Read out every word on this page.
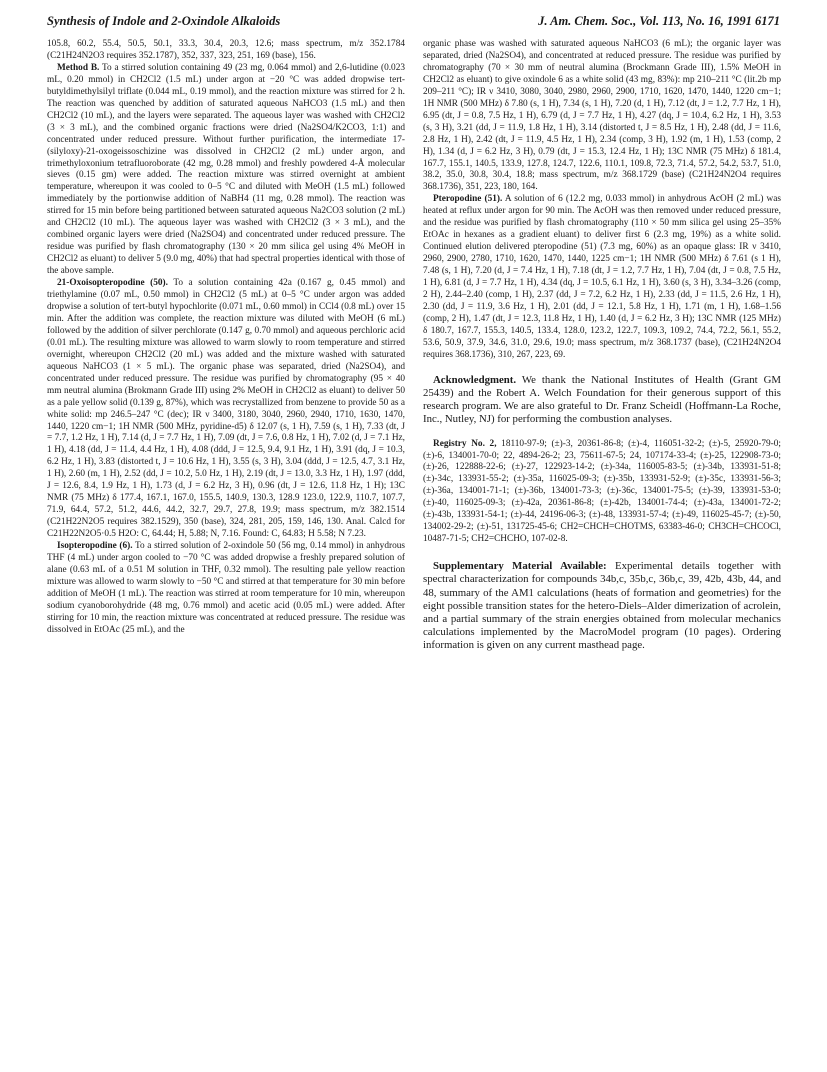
Synthesis of Indole and 2-Oxindole Alkaloids	J. Am. Chem. Soc., Vol. 113, No. 16, 1991 6171

105.8, 60.2, 55.4, 50.5, 50.1, 33.3, 30.4, 20.3, 12.6; mass spectrum, m/z 352.1784 (C21H24N2O3 requires 352.1787), 352, 337, 323, 251, 169 (base), 156.

Method B. To a stirred solution containing 49 (23 mg, 0.064 mmol) and 2,6-lutidine (0.023 mL, 0.20 mmol) in CH2Cl2 (1.5 mL) under argon at −20 °C was added dropwise tert-butyldimethylsilyl triflate (0.044 mL, 0.19 mmol), and the reaction mixture was stirred for 2 h. The reaction was quenched by addition of saturated aqueous NaHCO3 (1.5 mL) and then CH2Cl2 (10 mL), and the layers were separated. The aqueous layer was washed with CH2Cl2 (3 × 3 mL), and the combined organic fractions were dried (Na2SO4/K2CO3, 1:1) and concentrated under reduced pressure. Without further purification, the intermediate 17-(silyloxy)-21-oxogeissoschizine was dissolved in CH2Cl2 (2 mL) under argon, and trimethyloxonium tetrafluoroborate (42 mg, 0.28 mmol) and freshly powdered 4-Å molecular sieves (0.15 gm) were added. The reaction mixture was stirred overnight at ambient temperature, whereupon it was cooled to 0–5 °C and diluted with MeOH (1.5 mL) followed immediately by the portionwise addition of NaBH4 (11 mg, 0.28 mmol). The reaction was stirred for 15 min before being partitioned between saturated aqueous Na2CO3 solution (2 mL) and CH2Cl2 (10 mL). The aqueous layer was washed with CH2Cl2 (3 × 3 mL), and the combined organic layers were dried (Na2SO4) and concentrated under reduced pressure. The residue was purified by flash chromatography (130 × 20 mm silica gel using 4% MeOH in CH2Cl2 as eluant) to deliver 5 (9.0 mg, 40%) that had spectral properties identical with those of the above sample.

21-Oxoisopteropodine (50). To a solution containing 42a (0.167 g, 0.45 mmol) and triethylamine (0.07 mL, 0.50 mmol) in CH2Cl2 (5 mL) at 0–5 °C under argon was added dropwise a solution of tert-butyl hypochlorite (0.071 mL, 0.60 mmol) in CCl4 (0.8 mL) over 15 min. After the addition was complete, the reaction mixture was diluted with MeOH (6 mL) followed by the addition of silver perchlorate (0.147 g, 0.70 mmol) and aqueous perchloric acid (0.01 mL). The resulting mixture was allowed to warm slowly to room temperature and stirred overnight, whereupon CH2Cl2 (20 mL) was added and the mixture washed with saturated aqueous NaHCO3 (1 × 5 mL). The organic phase was separated, dried (Na2SO4), and concentrated under reduced pressure. The residue was purified by chromatography (95 × 40 mm neutral alumina (Brokmann Grade III) using 2% MeOH in CH2Cl2 as eluant) to deliver 50 as a pale yellow solid (0.139 g, 87%), which was recrystallized from benzene to provide 50 as a white solid: mp 246.5–247 °C (dec); IR ν 3400, 3180, 3040, 2960, 2940, 1710, 1630, 1470, 1440, 1220 cm−1; 1H NMR (500 MHz, pyridine-d5) δ 12.07 (s, 1 H), 7.59 (s, 1 H), 7.33 (dt, J = 7.7, 1.2 Hz, 1 H), 7.14 (d, J = 7.7 Hz, 1 H), 7.09 (dt, J = 7.6, 0.8 Hz, 1 H), 7.02 (d, J = 7.1 Hz, 1 H), 4.18 (dd, J = 11.4, 4.4 Hz, 1 H), 4.08 (ddd, J = 12.5, 9.4, 9.1 Hz, 1 H), 3.91 (dq, J = 10.3, 6.2 Hz, 1 H), 3.83 (distorted t, J = 10.6 Hz, 1 H), 3.55 (s, 3 H), 3.04 (ddd, J = 12.5, 4.7, 3.1 Hz, 1 H), 2.60 (m, 1 H), 2.52 (dd, J = 10.2, 5.0 Hz, 1 H), 2.19 (dt, J = 13.0, 3.3 Hz, 1 H), 1.97 (ddd, J = 12.6, 8.4, 1.9 Hz, 1 H), 1.73 (d, J = 6.2 Hz, 3 H), 0.96 (dt, J = 12.6, 11.8 Hz, 1 H); 13C NMR (75 MHz) δ 177.4, 167.1, 167.0, 155.5, 140.9, 130.3, 128.9 123.0, 122.9, 110.7, 107.7, 71.9, 64.4, 57.2, 51.2, 44.6, 44.2, 32.7, 29.7, 27.8, 19.9; mass spectrum, m/z 382.1514 (C21H22N2O5 requires 382.1529), 350 (base), 324, 281, 205, 159, 146, 130. Anal. Calcd for C21H22N2O5·0.5 H2O: C, 64.44; H, 5.88; N, 7.16. Found: C, 64.83; H 5.58; N 7.23.

Isopteropodine (6). To a stirred solution of 2-oxindole 50 (56 mg, 0.14 mmol) in anhydrous THF (4 mL) under argon cooled to −70 °C was added dropwise a freshly prepared solution of alane (0.63 mL of a 0.51 M solution in THF, 0.32 mmol). The resulting pale yellow reaction mixture was allowed to warm slowly to −50 °C and stirred at that temperature for 30 min before addition of MeOH (1 mL). The reaction was stirred at room temperature for 10 min, whereupon sodium cyanoborohydride (48 mg, 0.76 mmol) and acetic acid (0.05 mL) were added. After stirring for 10 min, the reaction mixture was concentrated at reduced pressure. The residue was dissolved in EtOAc (25 mL), and the

organic phase was washed with saturated aqueous NaHCO3 (6 mL); the organic layer was separated, dried (Na2SO4), and concentrated at reduced pressure. The residue was purified by chromatography (70 × 30 mm of neutral alumina (Brockmann Grade III), 1.5% MeOH in CH2Cl2 as eluant) to give oxindole 6 as a white solid (43 mg, 83%): mp 210–211 °C (lit.2b mp 209–211 °C); IR ν 3410, 3080, 3040, 2980, 2960, 2900, 1710, 1620, 1470, 1440, 1220 cm−1; 1H NMR (500 MHz) δ 7.80 (s, 1 H), 7.34 (s, 1 H), 7.20 (d, 1 H), 7.12 (dt, J = 1.2, 7.7 Hz, 1 H), 6.95 (dt, J = 0.8, 7.5 Hz, 1 H), 6.79 (d, J = 7.7 Hz, 1 H), 4.27 (dq, J = 10.4, 6.2 Hz, 1 H), 3.53 (s, 3 H), 3.21 (dd, J = 11.9, 1.8 Hz, 1 H), 3.14 (distorted t, J = 8.5 Hz, 1 H), 2.48 (dd, J = 11.6, 2.8 Hz, 1 H), 2.42 (dt, J = 11.9, 4.5 Hz, 1 H), 2.34 (comp, 3 H), 1.92 (m, 1 H), 1.53 (comp, 2 H), 1.34 (d, J = 6.2 Hz, 3 H), 0.79 (dt, J = 15.3, 12.4 Hz, 1 H); 13C NMR (75 MHz) δ 181.4, 167.7, 155.1, 140.5, 133.9, 127.8, 124.7, 122.6, 110.1, 109.8, 72.3, 71.4, 57.2, 54.2, 53.7, 51.0, 38.2, 35.0, 30.8, 30.4, 18.8; mass spectrum, m/z 368.1729 (base) (C21H24N2O4 requires 368.1736), 351, 223, 180, 164.

Pteropodine (51). A solution of 6 (12.2 mg, 0.033 mmol) in anhydrous AcOH (2 mL) was heated at reflux under argon for 90 min. The AcOH was then removed under reduced pressure, and the residue was purified by flash chromatography (110 × 50 mm silica gel using 25–35% EtOAc in hexanes as a gradient eluant) to deliver first 6 (2.3 mg, 19%) as a white solid. Continued elution delivered pteropodine (51) (7.3 mg, 60%) as an opaque glass: IR ν 3410, 2960, 2900, 2780, 1710, 1620, 1470, 1440, 1225 cm−1; 1H NMR (500 MHz) δ 7.61 (s 1 H), 7.48 (s, 1 H), 7.20 (d, J = 7.4 Hz, 1 H), 7.18 (dt, J = 1.2, 7.7 Hz, 1 H), 7.04 (dt, J = 0.8, 7.5 Hz, 1 H), 6.81 (d, J = 7.7 Hz, 1 H), 4.34 (dq, J = 10.5, 6.1 Hz, 1 H), 3.60 (s, 3 H), 3.34–3.26 (comp, 2 H), 2.44–2.40 (comp, 1 H), 2.37 (dd, J = 7.2, 6.2 Hz, 1 H), 2.33 (dd, J = 11.5, 2.6 Hz, 1 H), 2.30 (dd, J = 11.9, 3.6 Hz, 1 H), 2.01 (dd, J = 12.1, 5.8 Hz, 1 H), 1.71 (m, 1 H), 1.68–1.56 (comp, 2 H), 1.47 (dt, J = 12.3, 11.8 Hz, 1 H), 1.40 (d, J = 6.2 Hz, 3 H); 13C NMR (125 MHz) δ 180.7, 167.7, 155.3, 140.5, 133.4, 128.0, 123.2, 122.7, 109.3, 109.2, 74.4, 72.2, 56.1, 55.2, 53.6, 50.9, 37.9, 34.6, 31.0, 29.6, 19.0; mass spectrum, m/z 368.1737 (base), (C21H24N2O4 requires 368.1736), 310, 267, 223, 69.

Acknowledgment. We thank the National Institutes of Health (Grant GM 25439) and the Robert A. Welch Foundation for their generous support of this research program. We are also grateful to Dr. Franz Scheidl (Hoffmann-La Roche, Inc., Nutley, NJ) for performing the combustion analyses.

Registry No. 2, 18110-97-9; (±)-3, 20361-86-8; (±)-4, 116051-32-2; (±)-5, 25920-79-0; (±)-6, 134001-70-0; 22, 4894-26-2; 23, 75611-67-5; 24, 107174-33-4; (±)-25, 122908-73-0; (±)-26, 122888-22-6; (±)-27, 122923-14-2; (±)-34a, 116005-83-5; (±)-34b, 133931-51-8; (±)-34c, 133931-55-2; (±)-35a, 116025-09-3; (±)-35b, 133931-52-9; (±)-35c, 133931-56-3; (±)-36a, 134001-71-1; (±)-36b, 134001-73-3; (±)-36c, 134001-75-5; (±)-39, 133931-53-0; (±)-40, 116025-09-3; (±)-42a, 20361-86-8; (±)-42b, 134001-74-4; (±)-43a, 134001-72-2; (±)-43b, 133931-54-1; (±)-44, 24196-06-3; (±)-48, 133931-57-4; (±)-49, 116025-45-7; (±)-50, 134002-29-2; (±)-51, 131725-45-6; CH2=CHCH=CHOTMS, 63383-46-0; CH3CH=CHCOCl, 10487-71-5; CH2=CHCHO, 107-02-8.

Supplementary Material Available: Experimental details together with spectral characterization for compounds 34b,c, 35b,c, 36b,c, 39, 42b, 43b, 44, and 48, summary of the AM1 calculations (heats of formation and geometries) for the eight possible transition states for the hetero-Diels–Alder dimerization of acrolein, and a partial summary of the strain energies obtained from molecular mechanics calculations implemented by the MacroModel program (10 pages). Ordering information is given on any current masthead page.
